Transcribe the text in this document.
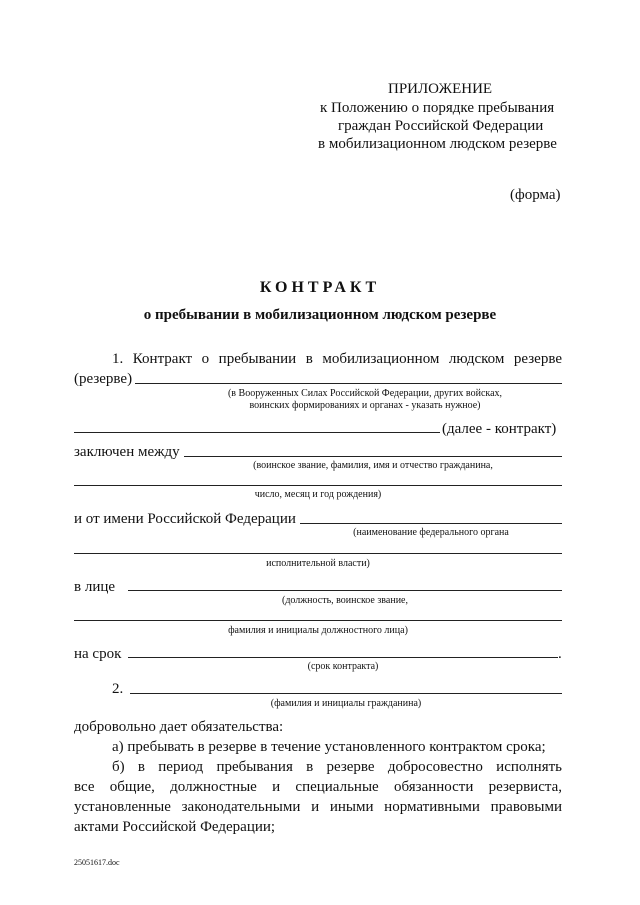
ПРИЛОЖЕНИЕ
к Положению о порядке пребывания
граждан Российской Федерации
в мобилизационном людском резерве
(форма)
КОНТРАКТ
о пребывании в мобилизационном людском резерве
1. Контракт о пребывании в мобилизационном людском резерве
(резерве)
(в Вооруженных Силах Российской Федерации, других войсках,
воинских формированиях и органах - указать нужное)
(далее - контракт)
заключен между
(воинское звание, фамилия, имя и отчество гражданина,
число, месяц и год рождения)
и от имени Российской Федерации
(наименование федерального органа
исполнительной власти)
в лице
(должность, воинское звание,
фамилия и инициалы должностного лица)
на срок	.
(срок контракта)
2.
(фамилия и инициалы гражданина)
добровольно дает обязательства:
а) пребывать в резерве в течение установленного контрактом срока;
б) в период пребывания в резерве добросовестно исполнять
все общие, должностные и специальные обязанности резервиста,
установленные законодательными и иными нормативными правовыми
актами Российской Федерации;
25051617.doc
